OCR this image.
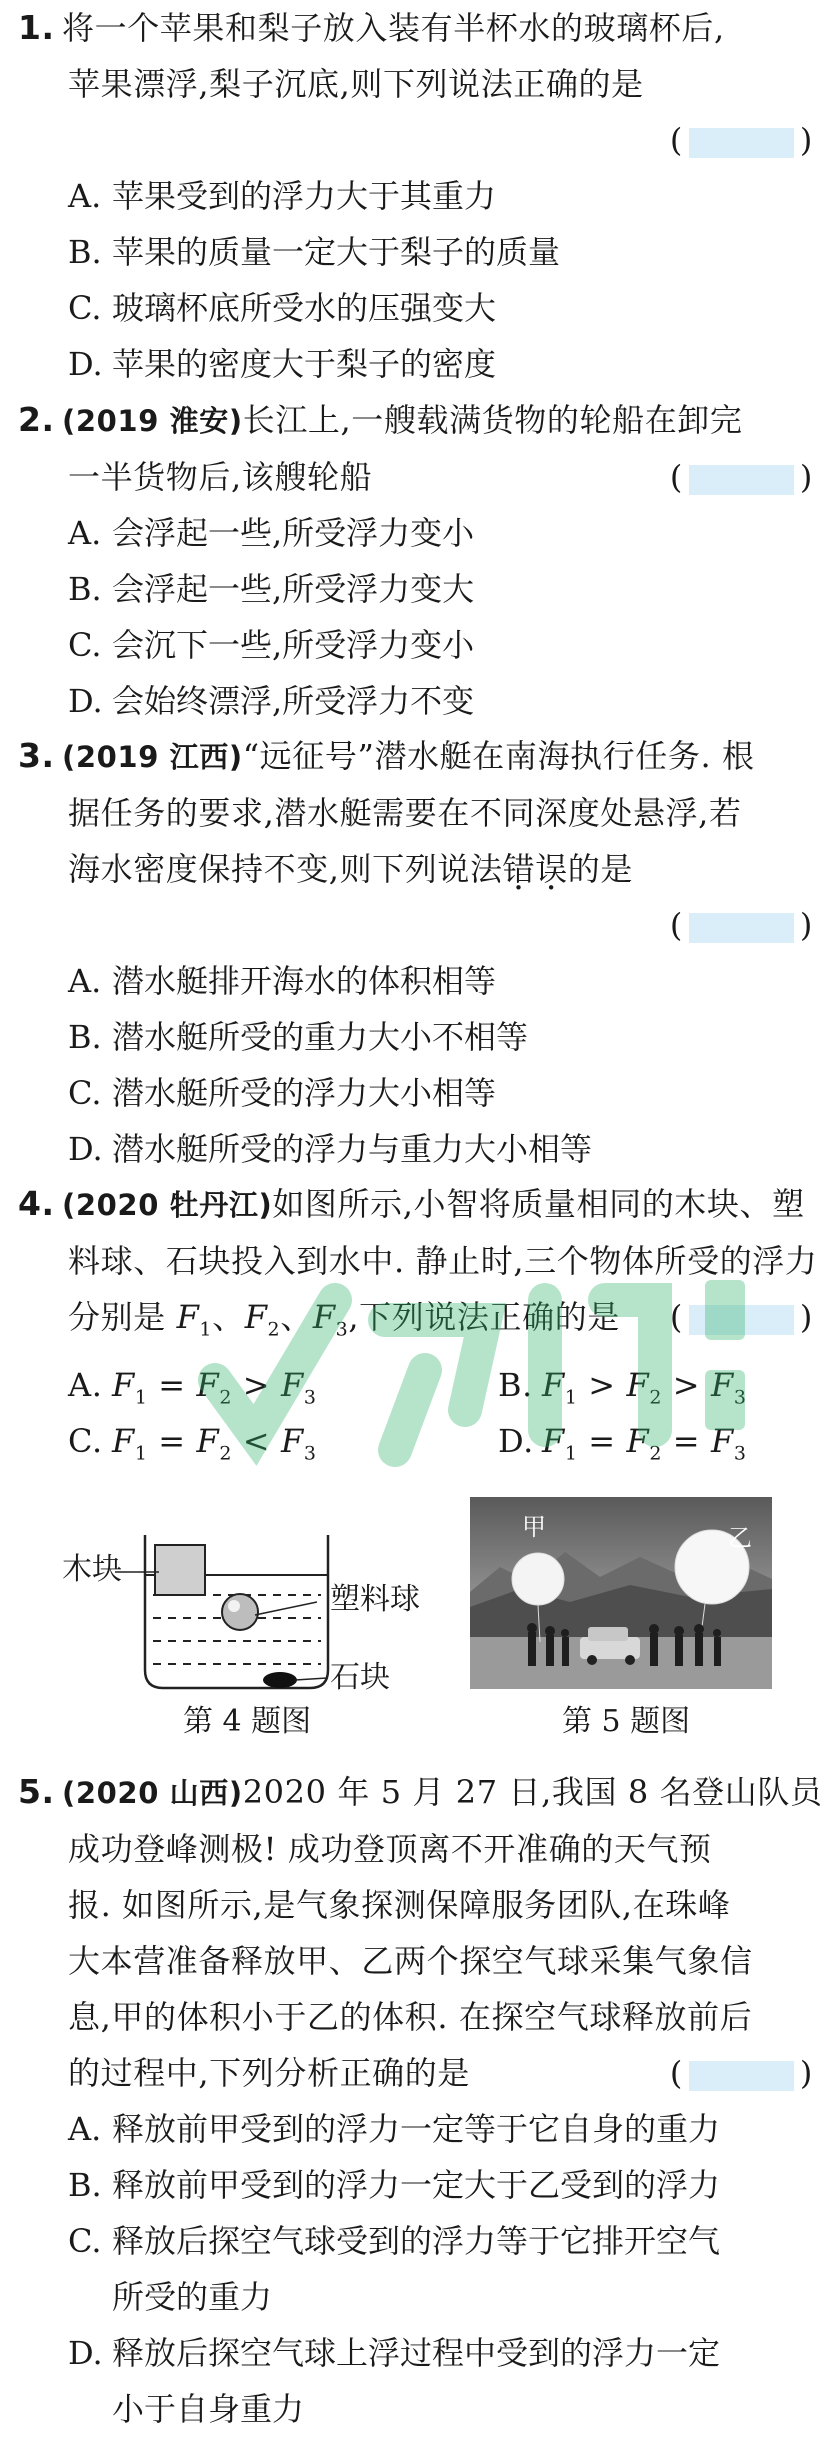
1. 将一个苹果和梨子放入装有半杯水的玻璃杯后,
苹果漂浮,梨子沉底,则下列说法正确的是
(	)
A. 苹果受到的浮力大于其重力
B. 苹果的质量一定大于梨子的质量
C. 玻璃杯底所受水的压强变大
D. 苹果的密度大于梨子的密度
2. (2019 淮安)长江上,一艘载满货物的轮船在卸完
一半货物后,该艘轮船	(	)
A. 会浮起一些,所受浮力变小
B. 会浮起一些,所受浮力变大
C. 会沉下一些,所受浮力变小
D. 会始终漂浮,所受浮力不变
3. (2019 江西)“远征号”潜水艇在南海执行任务. 根
据任务的要求,潜水艇需要在不同深度处悬浮,若
海水密度保持不变,则下列说法错误的是
(	)
A. 潜水艇排开海水的体积相等
B. 潜水艇所受的重力大小不相等
C. 潜水艇所受的浮力大小相等
D. 潜水艇所受的浮力与重力大小相等
4. (2020 牡丹江)如图所示,小智将质量相同的木块、塑
料球、石块投入到水中. 静止时,三个物体所受的浮力
分别是 $F_1$、$F_2$、$F_3$,下列说法正确的是 (	)
A. $F_1 = F_2 > F_3$	B. $F_1 > F_2 > F_3$
C. $F_1 = F_2 < F_3$	D. $F_1 = F_2 = F_3$
木块
塑料球
石块
第 4 题图
甲	乙
第 5 题图
5. (2020 山西)2020 年 5 月 27 日,我国 8 名登山队员
成功登峰测极! 成功登顶离不开准确的天气预
报. 如图所示,是气象探测保障服务团队,在珠峰
大本营准备释放甲、乙两个探空气球采集气象信
息,甲的体积小于乙的体积. 在探空气球释放前后
的过程中,下列分析正确的是	(	)
A. 释放前甲受到的浮力一定等于它自身的重力
B. 释放前甲受到的浮力一定大于乙受到的浮力
C. 释放后探空气球受到的浮力等于它排开空气
所受的重力
D. 释放后探空气球上浮过程中受到的浮力一定
小于自身重力
